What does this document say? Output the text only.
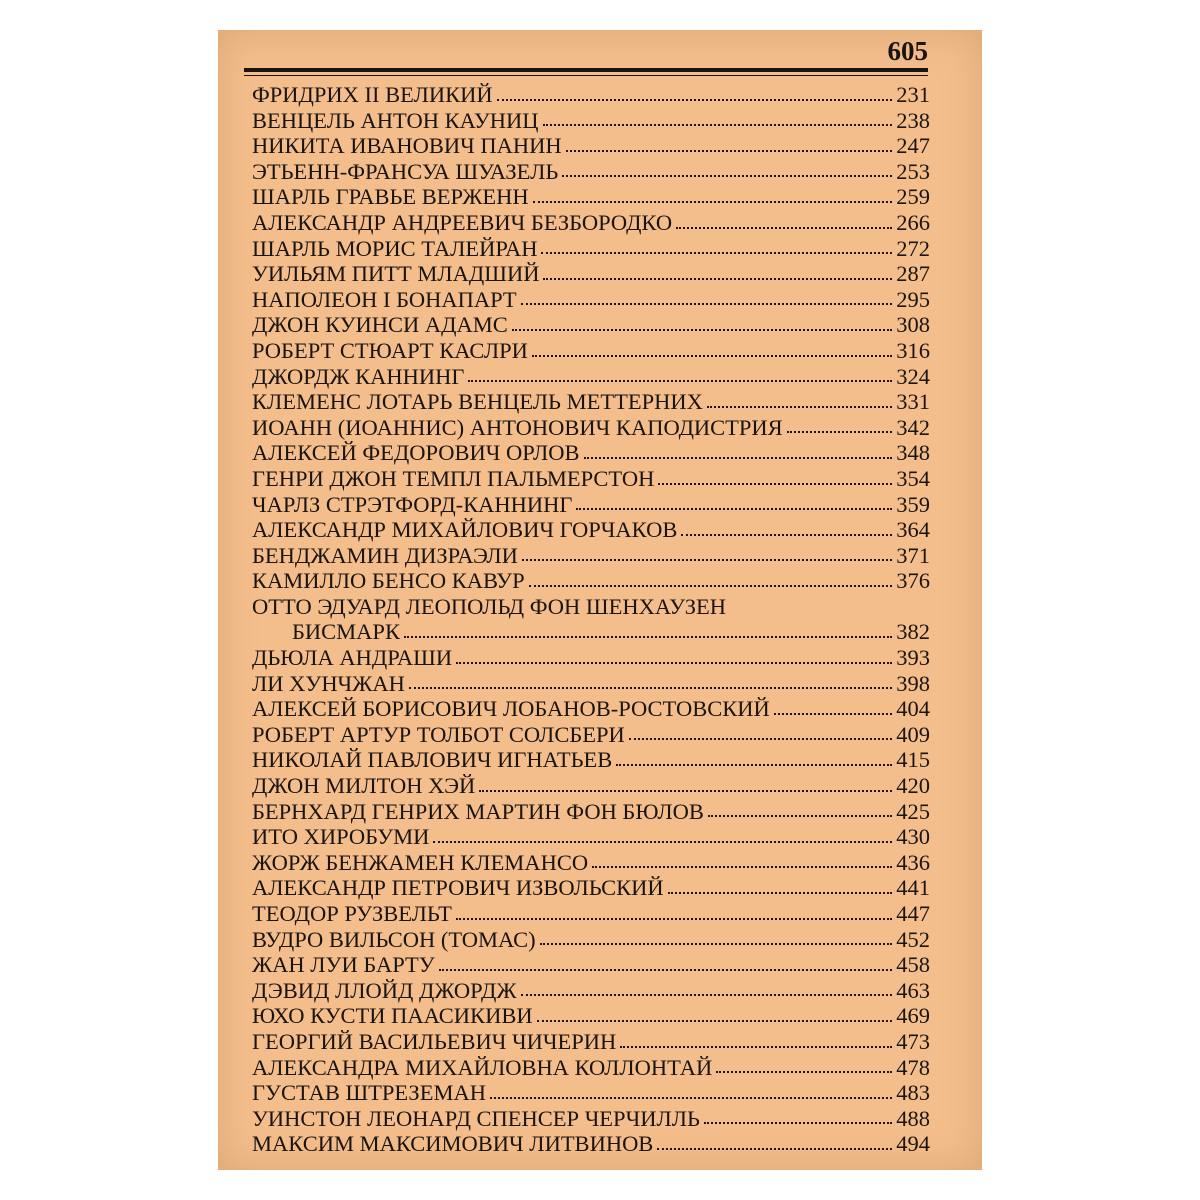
605
ФРИДРИХ II ВЕЛИКИЙ	231
ВЕНЦЕЛЬ АНТОН КАУНИЦ	238
НИКИТА ИВАНОВИЧ ПАНИН	247
ЭТЬЕНН-ФРАНСУА ШУАЗЕЛЬ	253
ШАРЛЬ ГРАВЬЕ ВЕРЖЕНН	259
АЛЕКСАНДР АНДРЕЕВИЧ БЕЗБОРОДКО	266
ШАРЛЬ МОРИС ТАЛЕЙРАН	272
УИЛЬЯМ ПИТТ МЛАДШИЙ	287
НАПОЛЕОН I БОНАПАРТ	295
ДЖОН КУИНСИ АДАМС	308
РОБЕРТ СТЮАРТ КАСЛРИ	316
ДЖОРДЖ КАННИНГ	324
КЛЕМЕНС ЛОТАРЬ ВЕНЦЕЛЬ МЕТТЕРНИХ	331
ИОАНН (ИОАННИС) АНТОНОВИЧ КАПОДИСТРИЯ	342
АЛЕКСЕЙ ФЕДОРОВИЧ ОРЛОВ	348
ГЕНРИ ДЖОН ТЕМПЛ ПАЛЬМЕРСТОН	354
ЧАРЛЗ СТРЭТФОРД-КАННИНГ	359
АЛЕКСАНДР МИХАЙЛОВИЧ ГОРЧАКОВ	364
БЕНДЖАМИН ДИЗРАЭЛИ	371
КАМИЛЛО БЕНСО КАВУР	376
ОТТО ЭДУАРД ЛЕОПОЛЬД ФОН ШЕНХАУЗЕН
БИСМАРК	382
ДЬЮЛА АНДРАШИ	393
ЛИ ХУНЧЖАН	398
АЛЕКСЕЙ БОРИСОВИЧ ЛОБАНОВ-РОСТОВСКИЙ	404
РОБЕРТ АРТУР ТОЛБОТ СОЛСБЕРИ	409
НИКОЛАЙ ПАВЛОВИЧ ИГНАТЬЕВ	415
ДЖОН МИЛТОН ХЭЙ	420
БЕРНХАРД ГЕНРИХ МАРТИН ФОН БЮЛОВ	425
ИТО ХИРОБУМИ	430
ЖОРЖ БЕНЖАМЕН КЛЕМАНСО	436
АЛЕКСАНДР ПЕТРОВИЧ ИЗВОЛЬСКИЙ	441
ТЕОДОР РУЗВЕЛЬТ	447
ВУДРО ВИЛЬСОН (ТОМАС)	452
ЖАН ЛУИ БАРТУ	458
ДЭВИД ЛЛОЙД ДЖОРДЖ	463
ЮХО КУСТИ ПААСИКИВИ	469
ГЕОРГИЙ ВАСИЛЬЕВИЧ ЧИЧЕРИН	473
АЛЕКСАНДРА МИХАЙЛОВНА КОЛЛОНТАЙ	478
ГУСТАВ ШТРЕЗЕМАН	483
УИНСТОН ЛЕОНАРД СПЕНСЕР ЧЕРЧИЛЛЬ	488
МАКСИМ МАКСИМОВИЧ ЛИТВИНОВ	494
